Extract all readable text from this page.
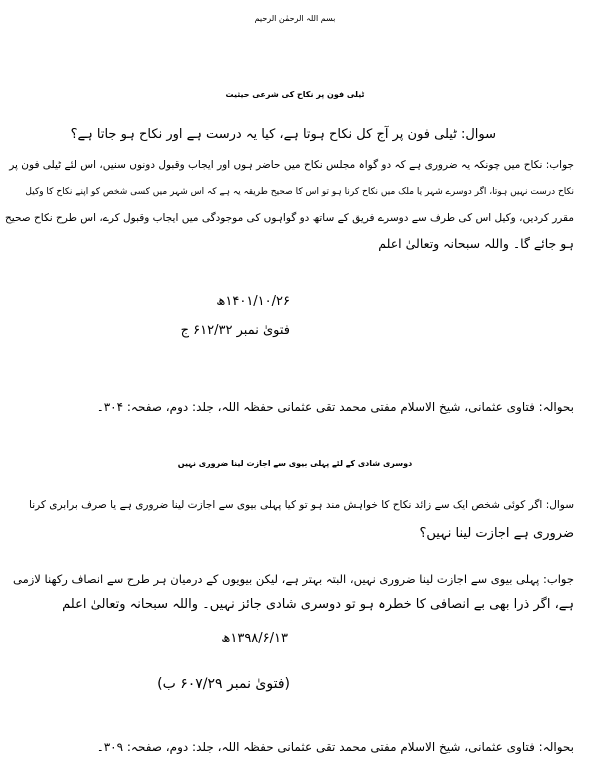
بسم اللہ الرحمٰن الرحیم
ٹیلی فون پر نکاح کی شرعی حیثیت
سوال: ٹیلی فون پر آج کل نکاح ہوتا ہے، کیا یہ درست ہے اور نکاح ہو جاتا ہے؟
جواب: نکاح میں چونکہ یہ ضروری ہے کہ دو گواہ مجلس نکاح میں حاضر ہوں اور ایجاب وقبول دونوں سنیں، اس لئے ٹیلی فون پر
نکاح درست نہیں ہوتا، اگر دوسرے شہر یا ملک میں نکاح کرنا ہو تو اس کا صحیح طریقہ یہ ہے کہ اس شہر میں کسی شخص کو اپنے نکاح کا وکیل
مقرر کردیں، وکیل اس کی طرف سے دوسرے فریق کے ساتھ دو گواہوں کی موجودگی میں ایجاب وقبول کرے، اس طرح نکاح صحیح
ہو جائے گا۔ واللہ سبحانہ وتعالیٰ اعلم
۱۴۰۱/۱۰/۲۶ھ
فتویٰ نمبر ۶۱۲/۳۲ ج
بحوالہ: فتاوی عثمانی، شیخ الاسلام مفتی محمد تقی عثمانی حفظہ اللہ، جلد: دوم، صفحہ: ۳۰۴۔
دوسری شادی کے لئے پہلی بیوی سے اجازت لینا ضروری نہیں
سوال: اگر کوئی شخص ایک سے زائد نکاح کا خواہش مند ہو تو کیا پہلی بیوی سے اجازت لینا ضروری ہے یا صرف برابری کرنا
ضروری ہے اجازت لینا نہیں؟
جواب: پہلی بیوی سے اجازت لینا ضروری نہیں، البتہ بہتر ہے، لیکن بیویوں کے درمیان ہر طرح سے انصاف رکھنا لازمی
ہے، اگر ذرا بھی بے انصافی کا خطرہ ہو تو دوسری شادی جائز نہیں۔ واللہ سبحانہ وتعالیٰ اعلم
۱۳۹۸/۶/۱۳ھ
(فتویٰ نمبر ۶۰۷/۲۹ ب)
بحوالہ: فتاوی عثمانی، شیخ الاسلام مفتی محمد تقی عثمانی حفظہ اللہ، جلد: دوم، صفحہ: ۳۰۹۔
